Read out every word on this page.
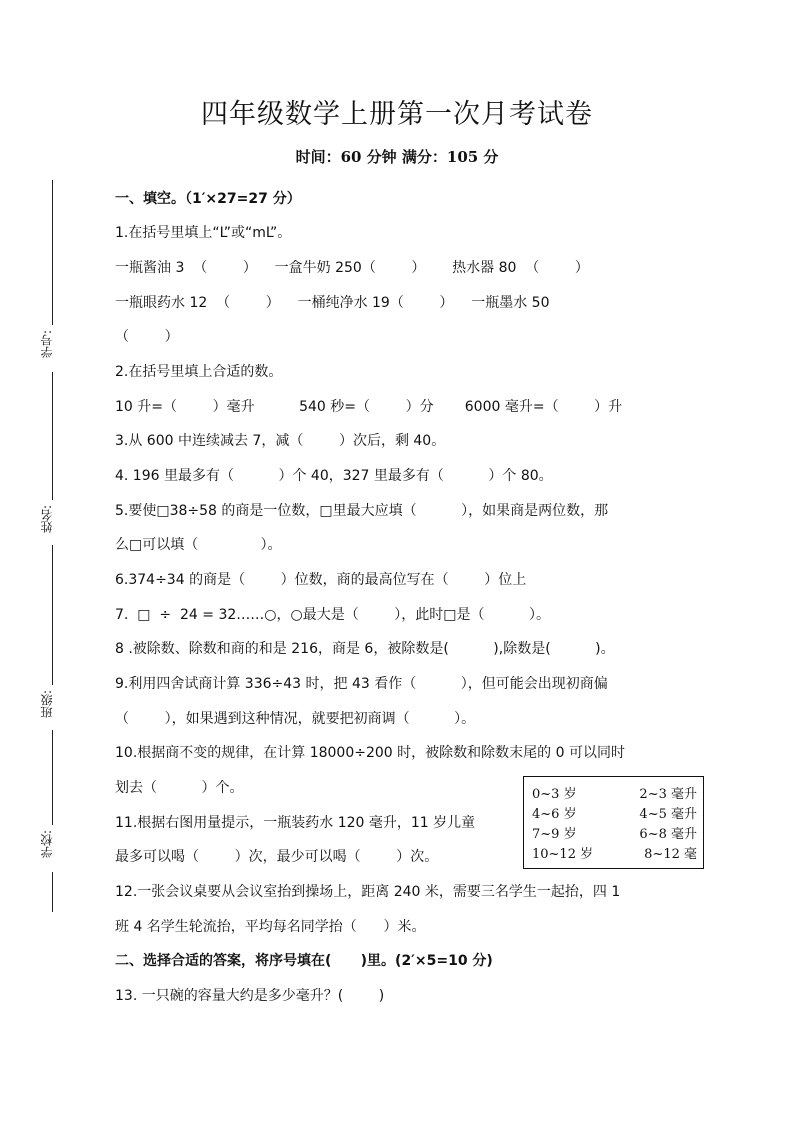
四年级数学上册第一次月考试卷
时间：60 分钟 满分：105 分
学号:
姓名:
班级:
学校:
一、填空。（1′×27=27 分）
1.在括号里填上“L”或“mL”。
一瓶酱油 3  （        ）    一盒牛奶 250（        ）      热水器 80  （        ）
一瓶眼药水 12  （        ）    一桶纯净水 19（        ）    一瓶墨水 50
（        ）
2.在括号里填上合适的数。
10 升=（        ）毫升          540 秒=（        ）分       6000 毫升=（        ）升
3.从 600 中连续减去 7，减（        ）次后，剩 40。
4. 196 里最多有（          ）个 40，327 里最多有（          ）个 80。
5.要使□38÷58 的商是一位数，□里最大应填（          ），如果商是两位数，那
么□可以填（              ）。
6.374÷34 的商是（        ）位数，商的最高位写在（        ）位上
7.  □  ÷  24 = 32……○，○最大是（        ），此时□是（          ）。
8 .被除数、除数和商的和是 216，商是 6，被除数是(          ),除数是(          )。
9.利用四舍试商计算 336÷43 时，把 43 看作（          ），但可能会出现初商偏
（        ），如果遇到这种情况，就要把初商调（          ）。
10.根据商不变的规律，在计算 18000÷200 时，被除数和除数末尾的 0 可以同时
划去（          ）个。
11.根据右图用量提示，一瓶装药水 120 毫升，11 岁儿童
最多可以喝（        ）次，最少可以喝（        ）次。
12.一张会议桌要从会议室抬到操场上，距离 240 米，需要三名学生一起抬，四 1
班 4 名学生轮流抬，平均每名同学抬（      ）米。
二、选择合适的答案，将序号填在(      )里。(2′×5=10 分)
13. 一只碗的容量大约是多少毫升？(        )
0~3 岁	2~3 毫升
4~6 岁	4~5 毫升
7~9 岁	6~8 毫升
10~12 岁	8~12 毫
